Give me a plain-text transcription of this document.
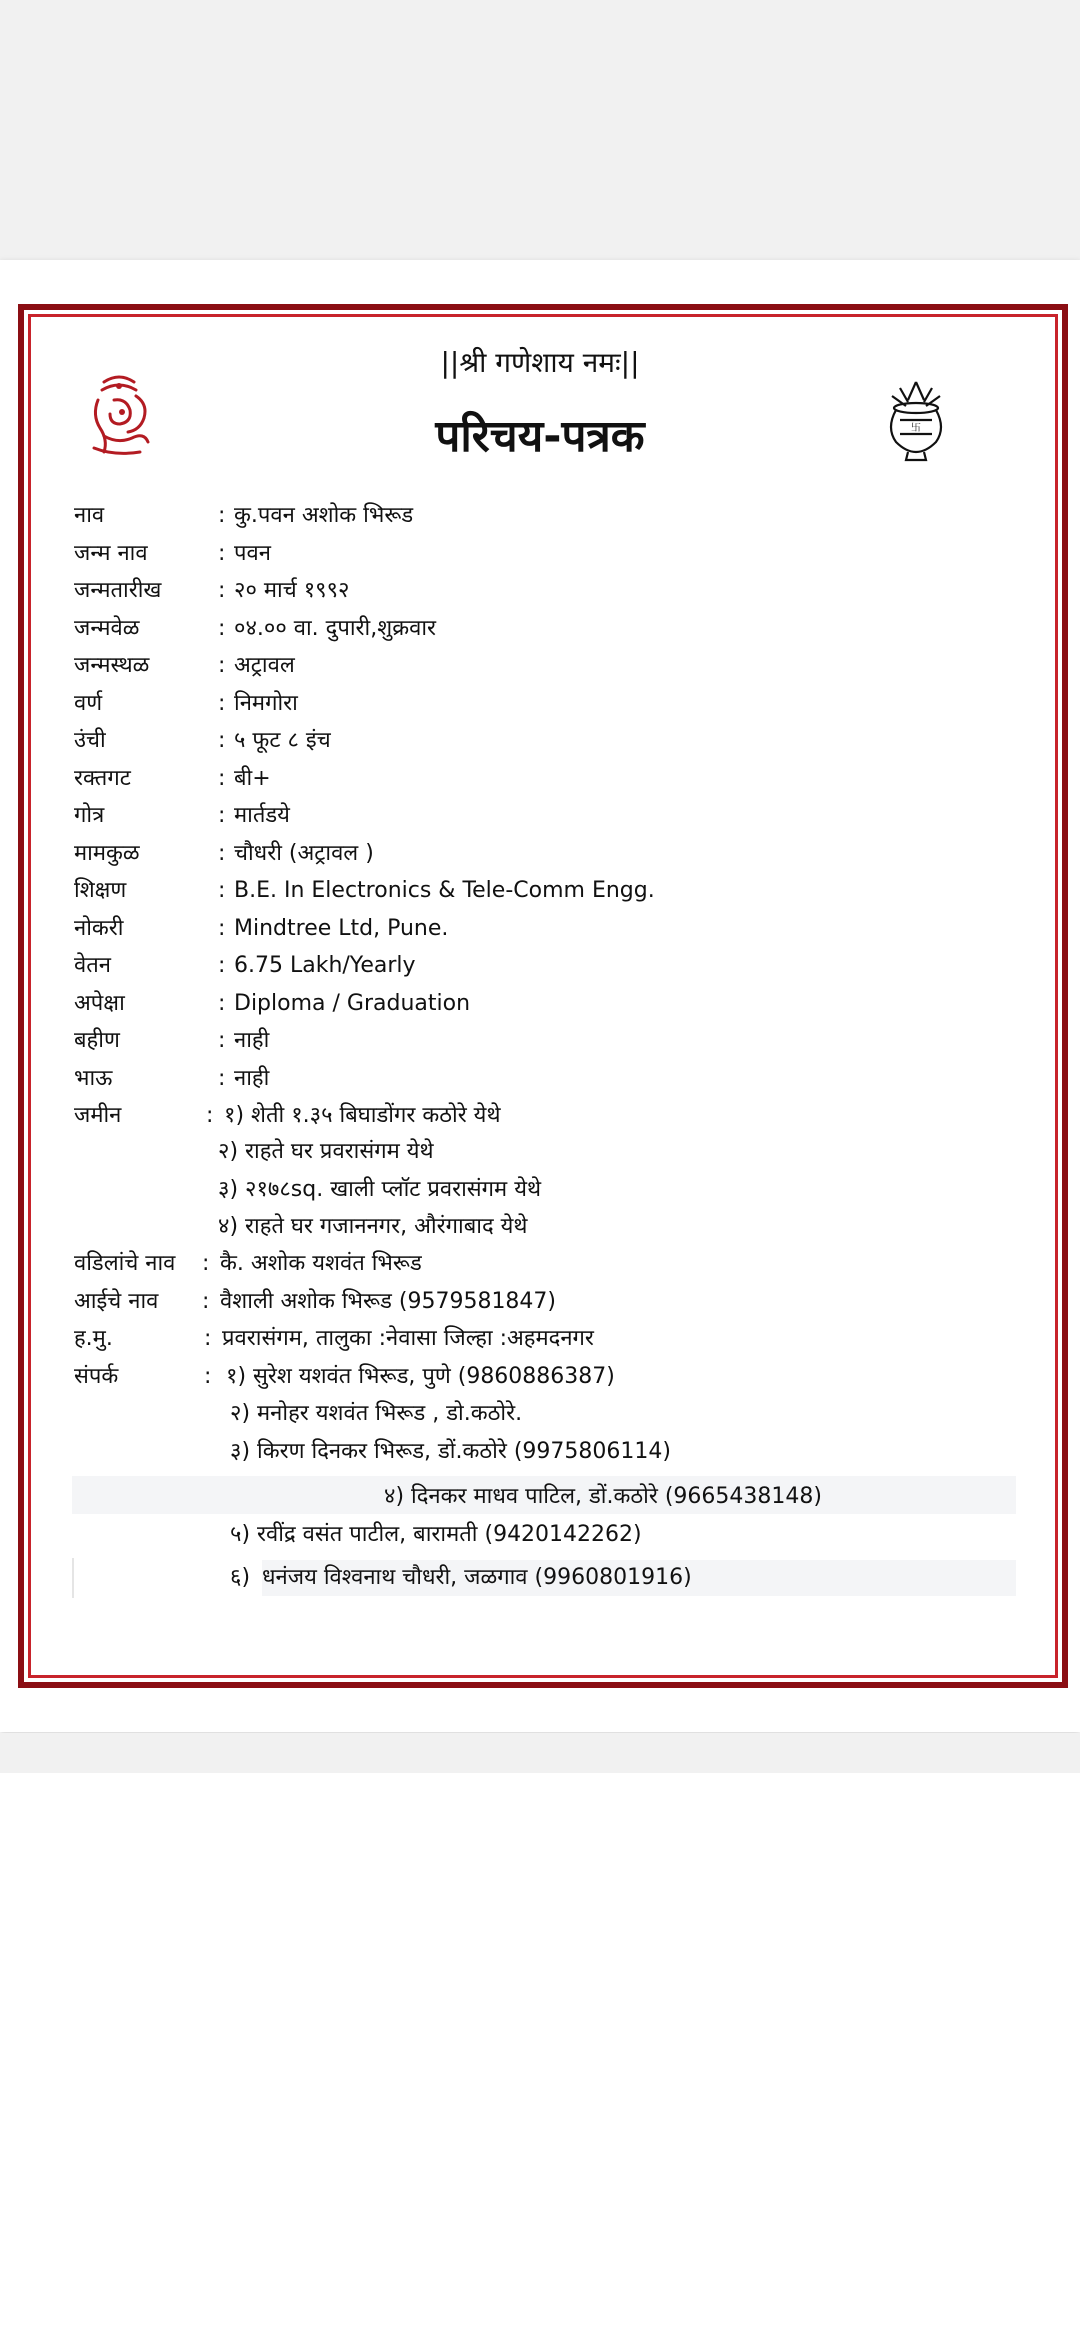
||श्री गणेशाय नमः||
परिचय-पत्रक	卐
नाव	: कु.पवन अशोक भिरूड
जन्म नाव	: पवन
जन्मतारीख	: २० मार्च १९९२
जन्मवेळ	: ०४.०० वा. दुपारी,शुक्रवार
जन्मस्थळ	: अट्रावल
वर्ण	: निमगोरा
उंची	: ५ फूट ८ इंच
रक्तगट	: बी+
गोत्र	: मार्तडये
मामकुळ	: चौधरी (अट्रावल )
शिक्षण	: B.E. In Electronics & Tele-Comm Engg.
नोकरी	: Mindtree Ltd, Pune.
वेतन	: 6.75 Lakh/Yearly
अपेक्षा	: Diploma / Graduation
बहीण	: नाही
भाऊ	: नाही
जमीन	: १) शेती १.३५ बिघाडोंगर कठोरे येथे
२) राहते घर प्रवरासंगम येथे
३) २१७८sq. खाली प्लॉट प्रवरासंगम येथे
४) राहते घर गजाननगर, औरंगाबाद येथे
वडिलांचे नाव : कै. अशोक यशवंत भिरूड
आईचे नाव : वैशाली अशोक भिरूड (9579581847)
ह.मु.	: प्रवरासंगम, तालुका :नेवासा जिल्हा :अहमदनगर
संपर्क	: १) सुरेश यशवंत भिरूड, पुणे (9860886387)
२) मनोहर यशवंत भिरूड , डो.कठोरे.
३) किरण दिनकर भिरूड, डों.कठोरे (9975806114)
४) दिनकर माधव पाटिल, डों.कठोरे (9665438148)
५) रवींद्र वसंत पाटील, बारामती (9420142262)
६) धनंजय विश्वनाथ चौधरी, जळगाव (9960801916)
